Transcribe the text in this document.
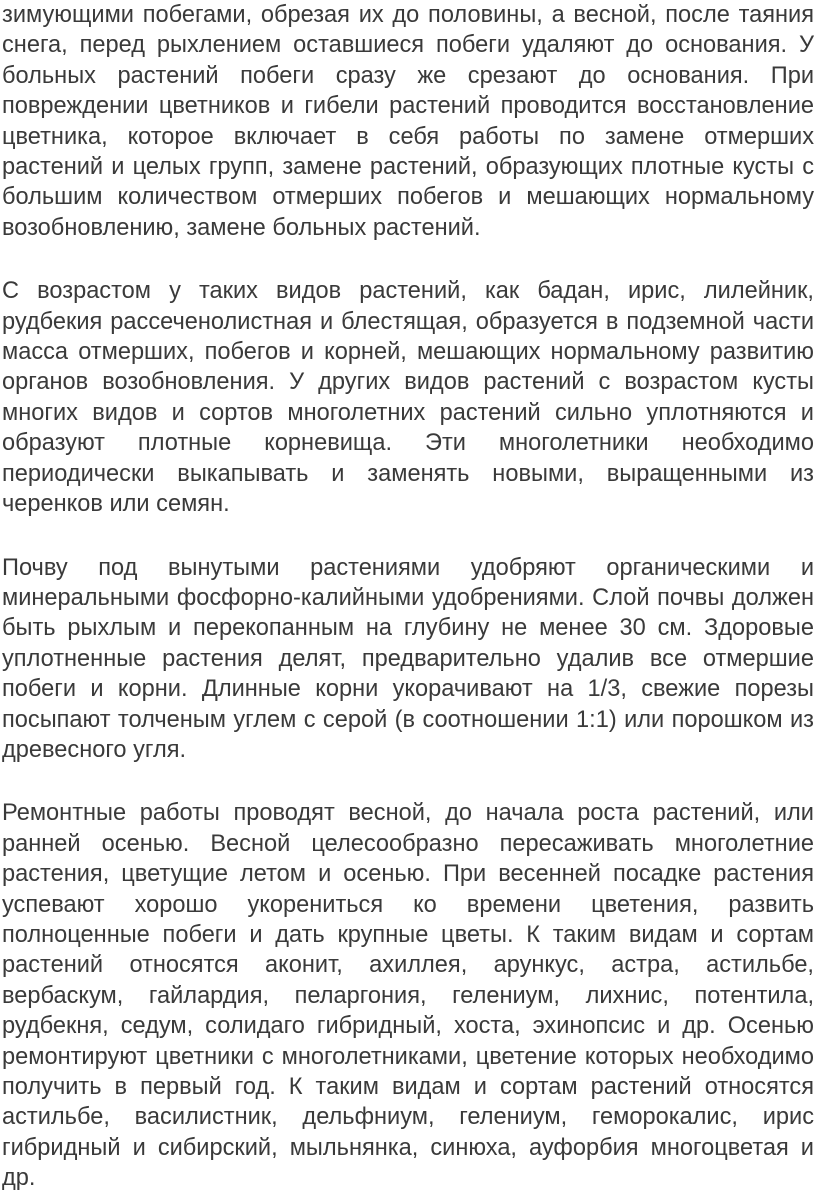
зимующими побегами, обрезая их до половины, а весной, после таяния снега, перед рыхлением оставшиеся побеги удаляют до основания. У больных растений побеги сразу же срезают до основания. При повреждении цветников и гибели растений проводится восстановление цветника, которое включает в себя работы по замене отмерших растений и целых групп, замене растений, образующих плотные кусты с большим количеством отмерших побегов и мешающих нормальному возобновлению, замене больных растений.

С возрастом у таких видов растений, как бадан, ирис, лилейник, рудбекия рассеченолистная и блестящая, образуется в подземной части масса отмерших, побегов и корней, мешающих нормальному развитию органов возобновления. У других видов растений с возрастом кусты многих видов и сортов многолетних растений сильно уплотняются и образуют плотные корневища. Эти многолетники необходимо периодически выкапывать и заменять новыми, выращенными из черенков или семян.

Почву под вынутыми растениями удобряют органическими и минеральными фосфорно-калийными удобрениями. Слой почвы должен быть рыхлым и перекопанным на глубину не менее 30 см. Здоровые уплотненные растения делят, предварительно удалив все отмершие побеги и корни. Длинные корни укорачивают на 1/3, свежие порезы посыпают толченым углем с серой (в соотношении 1:1) или порошком из древесного угля.

Ремонтные работы проводят весной, до начала роста растений, или ранней осенью. Весной целесообразно пересаживать многолетние растения, цветущие летом и осенью. При весенней посадке растения успевают хорошо укорениться ко времени цветения, развить полноценные побеги и дать крупные цветы. К таким видам и сортам растений относятся аконит, ахиллея, арункус, астра, астильбе, вербаскум, гайлардия, пеларгония, гелениум, лихнис, потентила, рудбекня, седум, солидаго гибридный, хоста, эхинопсис и др. Осенью ремонтируют цветники с многолетниками, цветение которых необходимо получить в первый год. К таким видам и сортам растений относятся астильбе, василистник, дельфниум, гелениум, геморокалис, ирис гибридный и сибирский, мыльнянка, синюха, ауфорбия многоцветая и др.
